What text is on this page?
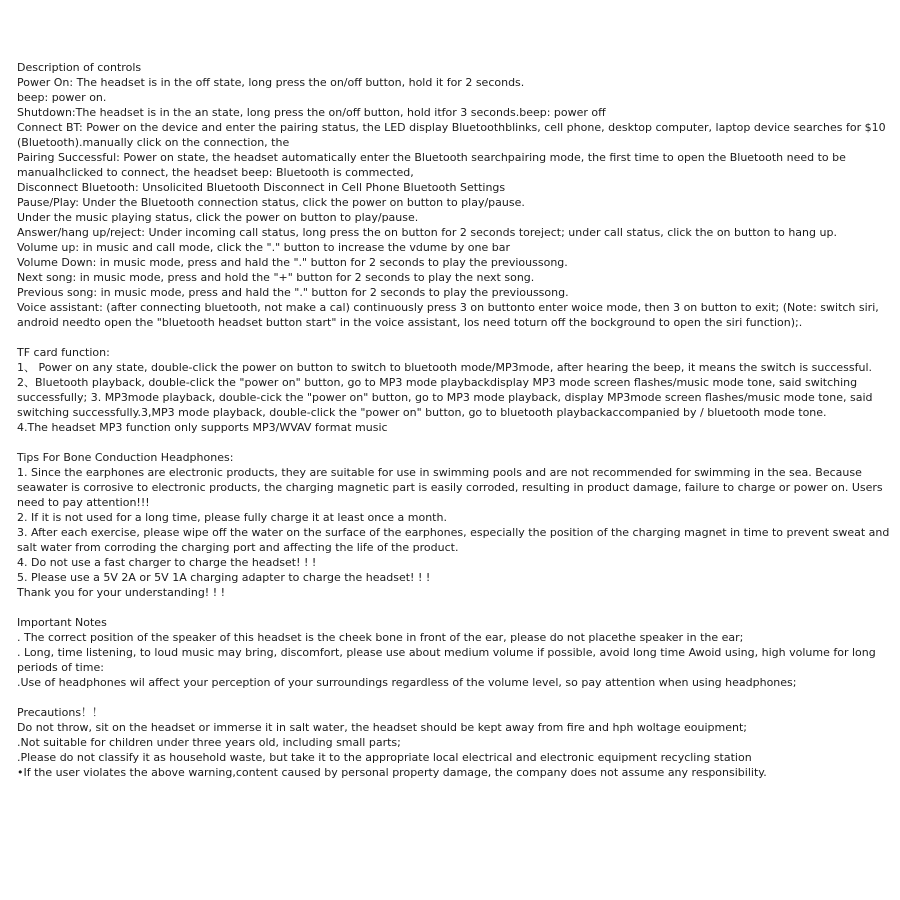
Description of controls

Power On: The headset is in the off state, long press the on/off button, hold it for 2 seconds.

beep: power on.

Shutdown:The headset is in the an state, long press the on/off button, hold itfor 3 seconds.beep: power off

Connect BT: Power on the device and enter the pairing status, the LED display Bluetoothblinks, cell phone, desktop computer, laptop device searches for $10 (Bluetooth).manually click on the connection, the

Pairing Successful: Power on state, the headset automatically enter the Bluetooth searchpairing mode, the first time to open the Bluetooth need to be manualhclicked to connect, the headset beep: Bluetooth is commected,

Disconnect Bluetooth: Unsolicited Bluetooth Disconnect in Cell Phone Bluetooth Settings

Pause/Play: Under the Bluetooth connection status, click the power on button to play/pause.

Under the music playing status, click the power on button to play/pause.

Answer/hang up/reject: Under incoming call status, long press the on button for 2 seconds toreject; under call status, click the on button to hang up.

Volume up: in music and call mode, click the "." button to increase the vdume by one bar

Volume Down: in music mode, press and hald the "." button for 2 seconds to play the previoussong.

Next song: in music mode, press and hold the "+" button for 2 seconds to play the next song.

Previous song: in music mode, press and hald the "." button for 2 seconds to play the previoussong.

Voice assistant: (after connecting bluetooth, not make a cal) continuously press 3 on buttonto enter woice mode, then 3 on button to exit; (Note: switch siri, android needto open the "bluetooth headset button start" in the voice assistant, los need toturn off the bockground to open the siri function);.

TF card function:

1、 Power on any state, double-click the power on button to switch to bluetooth mode/MP3mode, after hearing the beep, it means the switch is successful.

2、Bluetooth playback, double-click the "power on" button, go to MP3 mode playbackdisplay MP3 mode screen flashes/music mode tone, said switching successfully; 3. MP3mode playback, double-cick the "power on" button, go to MP3 mode playback, display MP3mode screen flashes/music mode tone, said switching successfully.3,MP3 mode playback, double-click the "power on" button, go to bluetooth playbackaccompanied by / bluetooth mode tone.

4.The headset MP3 function only supports MP3/WVAV format music

Tips For Bone Conduction Headphones:

1. Since the earphones are electronic products, they are suitable for use in swimming pools and are not recommended for swimming in the sea. Because seawater is corrosive to electronic products, the charging magnetic part is easily corroded, resulting in product damage, failure to charge or power on. Users need to pay attention!!!

2. If it is not used for a long time, please fully charge it at least once a month.

3. After each exercise, please wipe off the water on the surface of the earphones, especially the position of the charging magnet in time to prevent sweat and salt water from corroding the charging port and affecting the life of the product.

4. Do not use a fast charger to charge the headset! ! !

5. Please use a 5V 2A or 5V 1A charging adapter to charge the headset! ! !

Thank you for your understanding! ! !

Important Notes

. The correct position of the speaker of this headset is the cheek bone in front of the ear, please do not placethe speaker in the ear;

. Long, time listening, to loud music may bring, discomfort, please use about medium volume if possible, avoid long time Awoid using, high volume for long periods of time:

.Use of headphones wil affect your perception of your surroundings regardless of the volume level, so pay attention when using headphones;

Precautions！！

Do not throw, sit on the headset or immerse it in salt water, the headset should be kept away from fire and hph woltage eouipment;

.Not suitable for children under three years old, including small parts;

.Please do not classify it as household waste, but take it to the appropriate local electrical and electronic equipment recycling station

•If the user violates the above warning,content caused by personal property damage, the company does not assume any responsibility.
